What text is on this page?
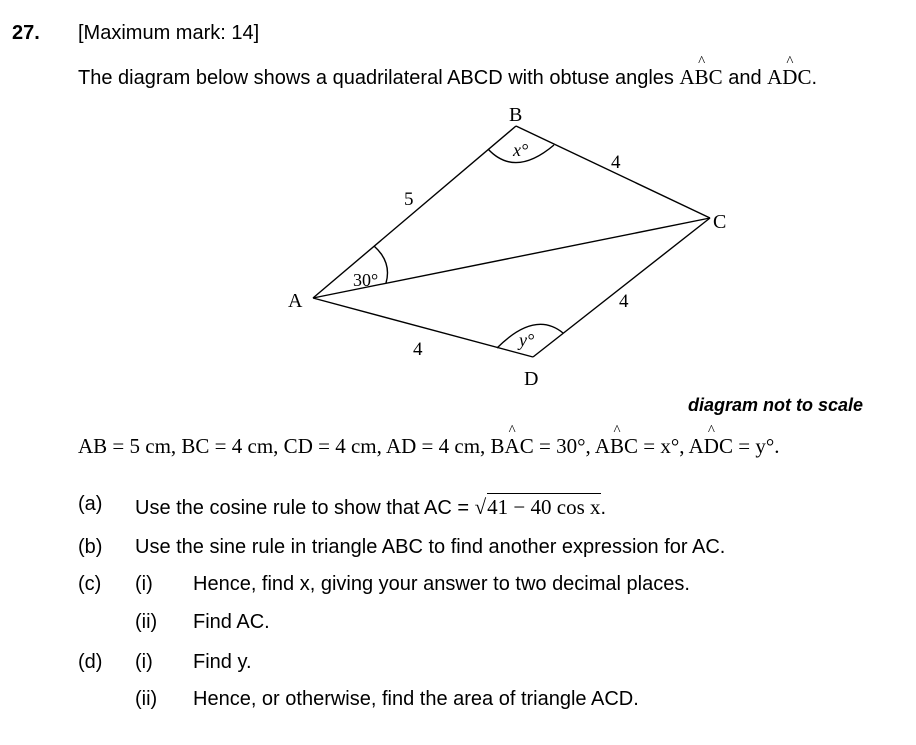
27. [Maximum mark: 14]
The diagram below shows a quadrilateral ABCD with obtuse angles A^ BC and A^ DC.
B
C
A
D
5
4
4
4
30°
x°
y°
diagram not to scale
AB = 5 cm, BC = 4 cm, CD = 4 cm, AD = 4 cm, B^ AC = 30°, A^ BC = x°, A^ DC = y°.
(a) Use the cosine rule to show that AC = √41 − 40 cos x.
(b) Use the sine rule in triangle ABC to find another expression for AC.
(c) (i) Hence, find x, giving your answer to two decimal places.
(ii) Find AC.
(d) (i) Find y.
(ii) Hence, or otherwise, find the area of triangle ACD.
